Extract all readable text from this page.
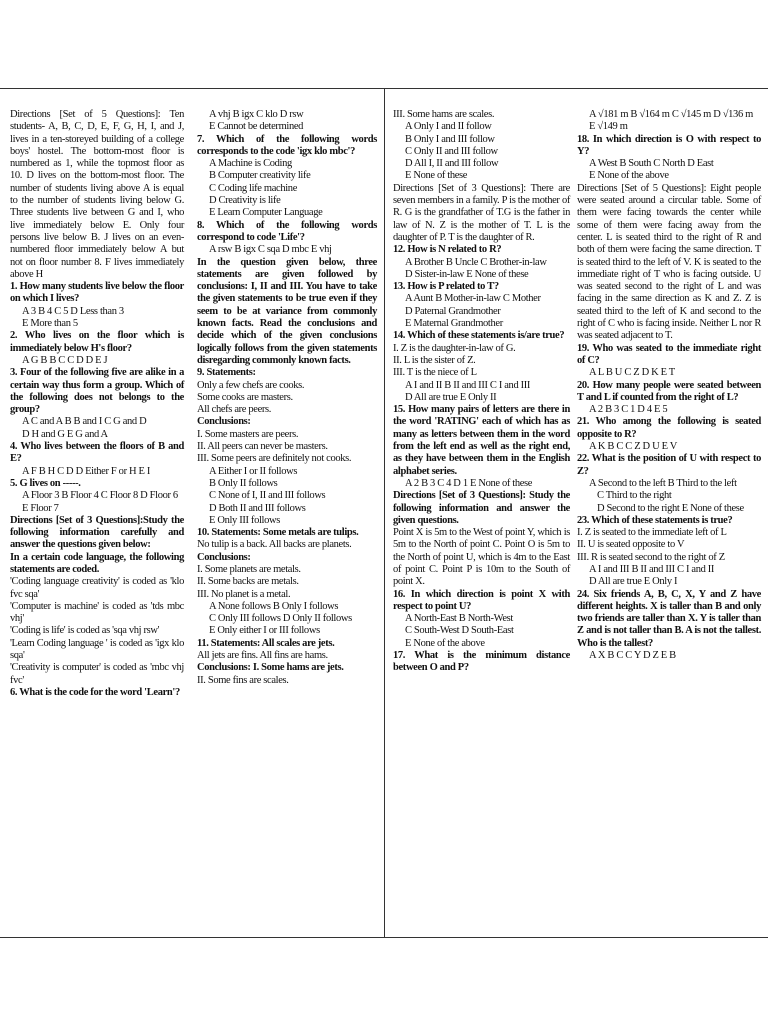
Directions [Set of 5 Questions]: Ten students- A, B, C, D, E, F, G, H, I, and J, lives in a ten-storeyed building of a college boys' hostel. The bottom-most floor is numbered as 1, while the topmost floor as 10. D lives on the bottom-most floor. The number of students living above A is equal to the number of students living below G. Three students live between G and I, who live immediately below E. Only four persons live below B. J lives on an even-numbered floor immediately below A but not on floor number 8. F lives immediately above H

1. How many students live below the floor on which I lives?

A 3 B 4 C 5 D Less than 3

E More than 5

2. Who lives on the floor which is immediately below H's floor?

A G B B C C D D E J

3. Four of the following five are alike in a certain way thus form a group. Which of the following does not belongs to the group?

A C and A B B and I C G and D

D H and G E G and A

4. Who lives between the floors of B and E?

A F B H C D D Either F or H E I

5. G lives on -----.

A Floor 3 B Floor 4 C Floor 8 D Floor 6

E Floor 7

Directions [Set of 3 Questions]:Study the following information carefully and answer the questions given below:

In a certain code language, the following statements are coded.

'Coding language creativity' is coded as 'klo fvc sqa'

'Computer is machine' is coded as 'tds mbc vhj'

'Coding is life' is coded as 'sqa vhj rsw'

'Learn Coding language ' is coded as 'igx klo sqa'

'Creativity is computer' is coded as 'mbc vhj fvc'

6. What is the code for the word 'Learn'?

A vhj B igx C klo D rsw

E Cannot be determined

7. Which of the following words corresponds to the code 'igx klo mbc'?

A Machine is Coding

B Computer creativity life

C Coding life machine

D Creativity is life

E Learn Computer Language

8. Which of the following words correspond to code 'Life'?

A rsw B igx C sqa D mbc E vhj

In the question given below, three statements are given followed by conclusions: I, II and III. You have to take the given statements to be true even if they seem to be at variance from commonly known facts. Read the conclusions and decide which of the given conclusions logically follows from the given statements disregarding commonly known facts.

9. Statements:

Only a few chefs are cooks.

Some cooks are masters.

All chefs are peers.

Conclusions:

I. Some masters are peers.

II. All peers can never be masters.

III. Some peers are definitely not cooks.

A Either I or II follows

B Only II follows

C None of I, II and III follows

D Both II and III follows

E Only III follows

10. Statements: Some metals are tulips.

No tulip is a back. All backs are planets.

Conclusions:

I. Some planets are metals.

II. Some backs are metals.

III. No planet is a metal.

A None follows B Only I follows

C Only III follows D Only II follows

E Only either I or III follows

11. Statements: All scales are jets.

All jets are fins. All fins are hams.

Conclusions: I. Some hams are jets.

II. Some fins are scales.

III. Some hams are scales.

A Only I and II follow

B Only I and III follow

C Only II and III follow

D All I, II and III follow

E None of these

Directions [Set of 3 Questions]: There are seven members in a family. P is the mother of R. G is the grandfather of T.G is the father in law of N. Z is the mother of T. L is the daughter of P. T is the daughter of R.

12. How is N related to R?

A Brother B Uncle C Brother-in-law

D Sister-in-law E None of these

13. How is P related to T?

A Aunt B Mother-in-law C Mother

D Paternal Grandmother

E Maternal Grandmother

14. Which of these statements is/are true?

I. Z is the daughter-in-law of G.

II. L is the sister of Z.

III. T is the niece of L

A I and II B II and III C I and III

D All are true E Only II

15. How many pairs of letters are there in the word 'RATING' each of which has as many as letters between them in the word from the left end as well as the right end, as they have between them in the English alphabet series.

A 2 B 3 C 4 D 1 E None of these

Directions [Set of 3 Questions]: Study the following information and answer the given questions.

Point X is 5m to the West of point Y, which is 5m to the North of point C. Point O is 5m to the North of point U, which is 4m to the East of point C. Point P is 10m to the South of point X.

16. In which direction is point X with respect to point U?

A North-East B North-West

C South-West D South-East

E None of the above

17. What is the minimum distance between O and P?

A √181 m B √164 m C √145 m D √136 m

E √149 m

18. In which direction is O with respect to Y?

A West B South C North D East

E None of the above

Directions [Set of 5 Questions]: Eight people were seated around a circular table. Some of them were facing towards the center while some of them were facing away from the center. L is seated third to the right of R and both of them were facing the same direction. T is seated third to the left of V. K is seated to the immediate right of T who is facing outside. U was seated second to the right of L and was facing in the same direction as K and Z. Z is seated third to the left of K and second to the right of C who is facing inside. Neither L nor R was seated adjacent to T.

19. Who was seated to the immediate right of C?

A L B U C Z D K E T

20. How many people were seated between T and L if counted from the right of L?

A 2 B 3 C 1 D 4 E 5

21. Who among the following is seated opposite to R?

A K B C C Z D U E V

22. What is the position of U with respect to Z?

A Second to the left B Third to the left

C Third to the right

D Second to the right E None of these

23. Which of these statements is true?

I. Z is seated to the immediate left of L

II. U is seated opposite to V

III. R is seated second to the right of Z

A I and III B II and III C I and II

D All are true E Only I

24. Six friends A, B, C, X, Y and Z have different heights. X is taller than B and only two friends are taller than X. Y is taller than Z and is not taller than B. A is not the tallest. Who is the tallest?

A X B C C Y D Z E B
